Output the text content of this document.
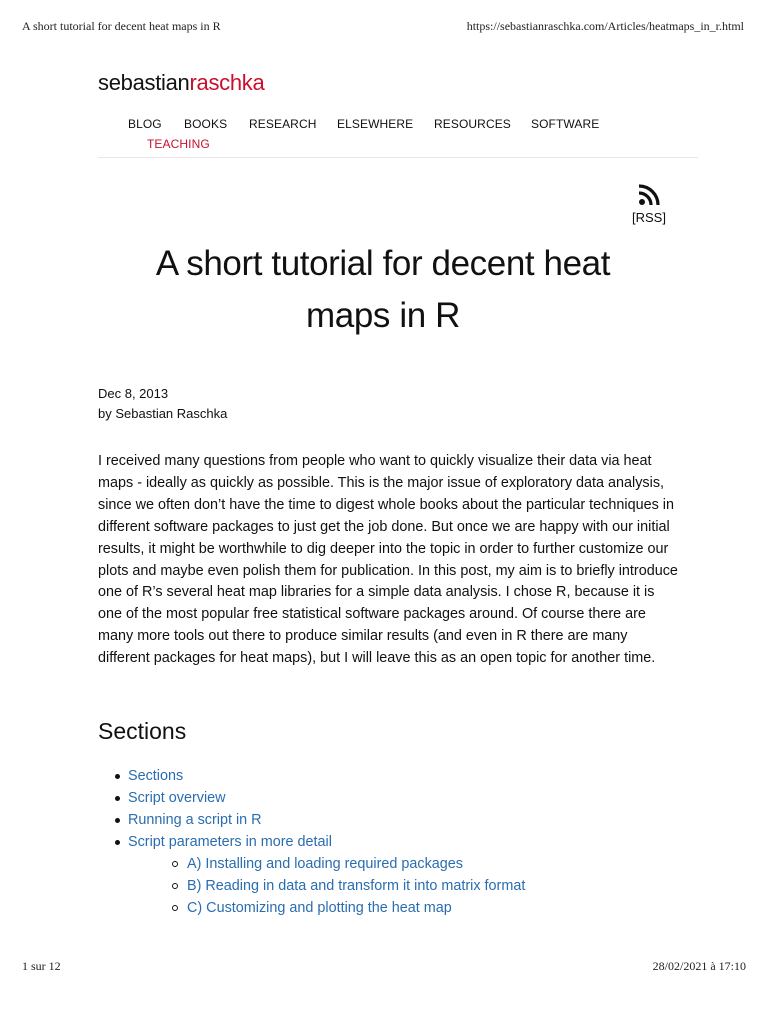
A short tutorial for decent heat maps in R	https://sebastianraschka.com/Articles/heatmaps_in_r.html
sebastianraschka
BLOG BOOKS RESEARCH ELSEWHERE RESOURCES SOFTWARE
TEACHING
[RSS]
A short tutorial for decent heat
maps in R
Dec 8, 2013
by Sebastian Raschka

I received many questions from people who want to quickly visualize their data via heat maps - ideally as quickly as possible. This is the major issue of exploratory data analysis, since we often don’t have the time to digest whole books about the particular techniques in different software packages to just get the job done. But once we are happy with our initial results, it might be worthwhile to dig deeper into the topic in order to further customize our plots and maybe even polish them for publication. In this post, my aim is to briefly introduce one of R’s several heat map libraries for a simple data analysis. I chose R, because it is one of the most popular free statistical software packages around. Of course there are many more tools out there to produce similar results (and even in R there are many different packages for heat maps), but I will leave this as an open topic for another time.

Sections
Sections
Script overview
Running a script in R
Script parameters in more detail
A) Installing and loading required packages
B) Reading in data and transform it into matrix format
C) Customizing and plotting the heat map
1 sur 12	28/02/2021 à 17:10
